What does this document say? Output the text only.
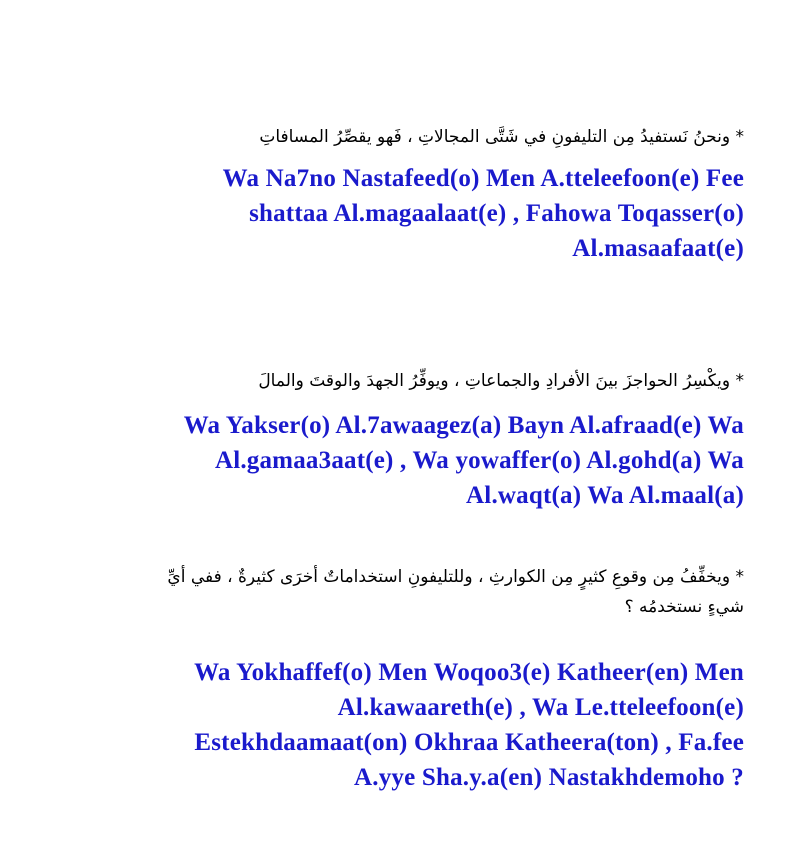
* ونحنُ نَستفيدُ مِن التليفونِ في شَتَّى المجالاتِ ، فَهو يقصِّرُ المسافاتِ
Wa Na7no Nastafeed(o) Men A.tteleefoon(e) Fee
shattaa Al.magaalaat(e) , Fahowa Toqasser(o)
Al.masaafaat(e)
* ويكْسِرُ الحواجزَ بينَ الأفرادِ والجماعاتِ ، ويوفِّرُ الجهدَ والوقتَ والمالَ
Wa Yakser(o) Al.7awaagez(a) Bayn Al.afraad(e) Wa
Al.gamaa3aat(e) , Wa yowaffer(o) Al.gohd(a) Wa
Al.waqt(a) Wa Al.maal(a)
* ويخفِّفُ مِن وقوعِ كثيرٍ مِن الكوارثِ ، وللتليفونِ استخداماتٌ أخرَى كثيرةٌ ، ففي أيِّ
شيءٍ نستخدمُه ؟
Wa Yokhaffef(o) Men Woqoo3(e) Katheer(en) Men
Al.kawaareth(e) , Wa Le.tteleefoon(e)
Estekhdaamaat(on) Okhraa Katheera(ton) , Fa.fee
A.yye Sha.y.a(en) Nastakhdemoho ?
